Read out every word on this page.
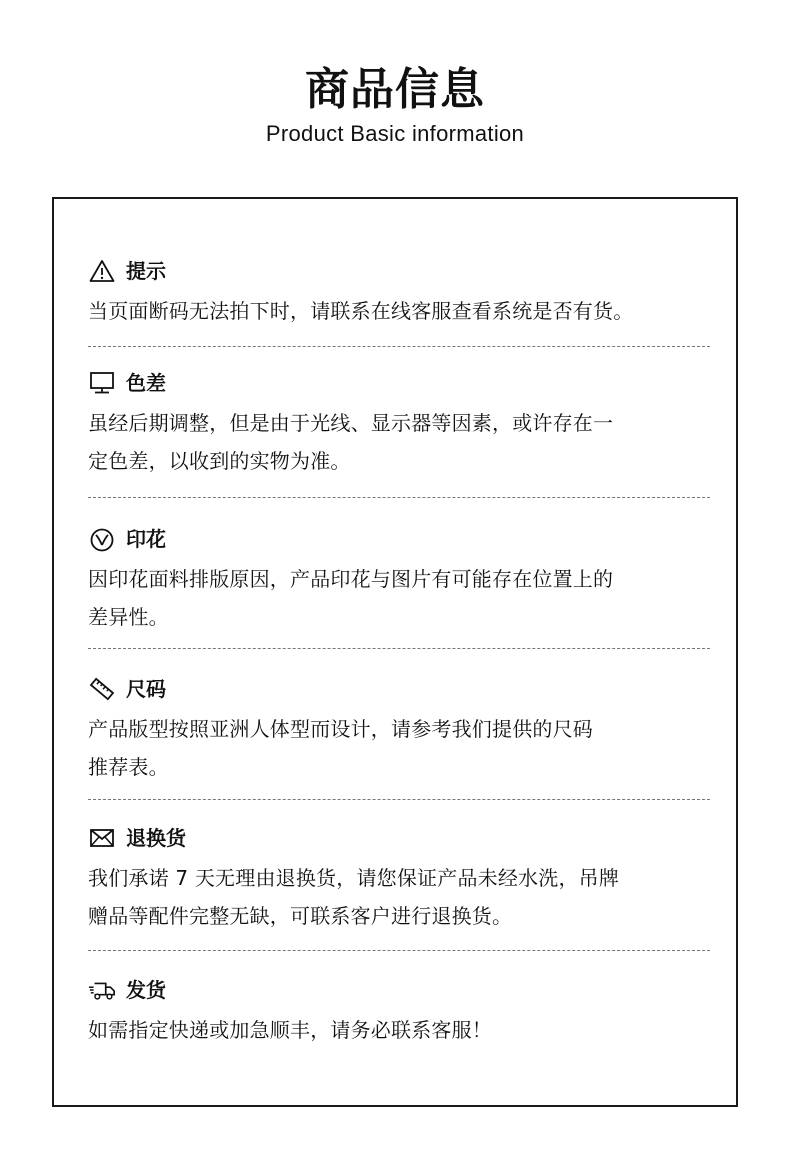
商品信息
Product Basic information
提示
当页面断码无法拍下时，请联系在线客服查看系统是否有货。
色差
虽经后期调整，但是由于光线、显示器等因素，或许存在一
定色差，以收到的实物为准。
印花
因印花面料排版原因，产品印花与图片有可能存在位置上的
差异性。
尺码
产品版型按照亚洲人体型而设计，请参考我们提供的尺码
推荐表。
退换货
我们承诺 7 天无理由退换货，请您保证产品未经水洗，吊牌
赠品等配件完整无缺，可联系客户进行退换货。
发货
如需指定快递或加急顺丰，请务必联系客服！
